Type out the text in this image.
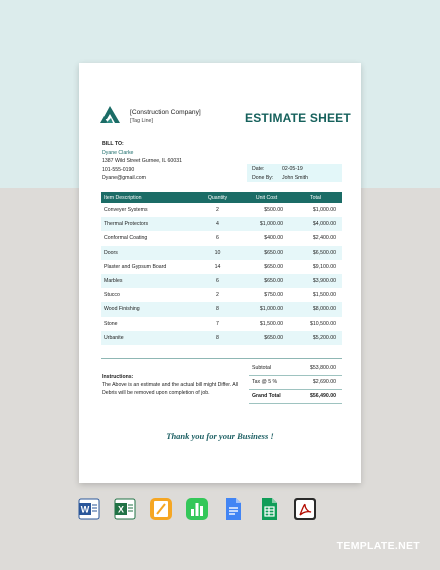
[Construction Company]
[Tag Line]	ESTIMATE SHEET
BILL TO:
Dyane Clarke
1387 Wild Street Gurnee, IL 60031
101-555-0190
Dyane@gmail.com
Date:	02-05-19
Done By:	John Smith
Item Description	Quantity	Unit Cost	Total
Conveyer Systems	2	$500.00	$1,000.00
Thermal Protectors	4	$1,000.00	$4,000.00
Conformal Coating	6	$400.00	$2,400.00
Doors	10	$650.00	$6,500.00
Plaster and Gypsum Board	14	$650.00	$9,100.00
Marbles	6	$650.00	$3,900.00
Stucco	2	$750.00	$1,500.00
Wood Finishing	8	$1,000.00	$8,000.00
Stone	7	$1,500.00	$10,500.00
Urbanite	8	$650.00	$5,200.00
Instructions:
The Above is an estimate and the actual bill might Differ. All Debris will be removed upon completion of job.
Subtotal	$53,800.00
Tax @ 5 %	$2,690.00
Grand Total	$56,490.00
Thank you for your Business !
W	X
TEMPLATE.NET
